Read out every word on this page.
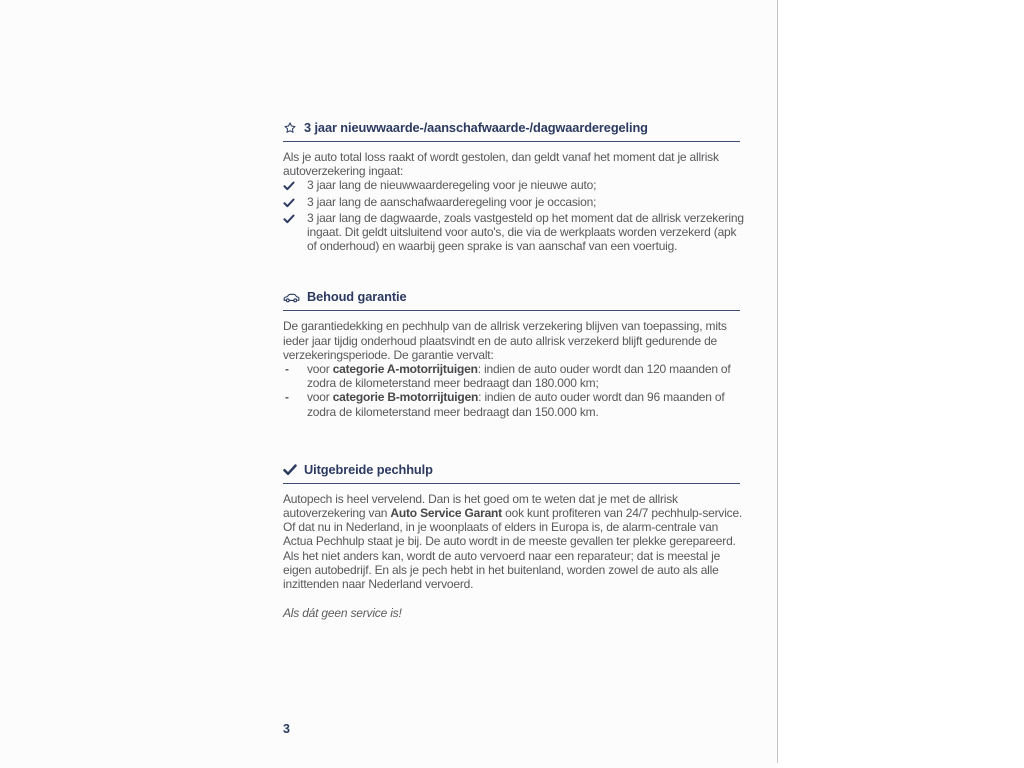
3 jaar nieuwwaarde-/aanschafwaarde-/dagwaarderegeling

Als je auto total loss raakt of wordt gestolen, dan geldt vanaf het moment dat je allrisk autoverzekering ingaat:

3 jaar lang de nieuwwaarderegeling voor je nieuwe auto;
3 jaar lang de aanschafwaarderegeling voor je occasion;
3 jaar lang de dagwaarde, zoals vastgesteld op het moment dat de allrisk verzekering ingaat. Dit geldt uitsluitend voor auto's, die via de werkplaats worden verzekerd (apk of onderhoud) en waarbij geen sprake is van aanschaf van een voertuig.
Behoud garantie

De garantiedekking en pechhulp van de allrisk verzekering blijven van toepassing, mits ieder jaar tijdig onderhoud plaatsvindt en de auto allrisk verzekerd blijft gedurende de verzekeringsperiode. De garantie vervalt:

-	voor categorie A-motorrijtuigen: indien de auto ouder wordt dan 120 maanden of zodra de kilometerstand meer bedraagt dan 180.000 km;
-	voor categorie B-motorrijtuigen: indien de auto ouder wordt dan 96 maanden of zodra de kilometerstand meer bedraagt dan 150.000 km.
Uitgebreide pechhulp

Autopech is heel vervelend. Dan is het goed om te weten dat je met de allrisk autoverzekering van Auto Service Garant ook kunt profiteren van 24/7 pechhulp-service. Of dat nu in Nederland, in je woonplaats of elders in Europa is, de alarm-centrale van Actua Pechhulp staat je bij. De auto wordt in de meeste gevallen ter plekke gerepareerd. Als het niet anders kan, wordt de auto vervoerd naar een reparateur; dat is meestal je eigen autobedrijf. En als je pech hebt in het buitenland, worden zowel de auto als alle inzittenden naar Nederland vervoerd.

Als dát geen service is!

3
